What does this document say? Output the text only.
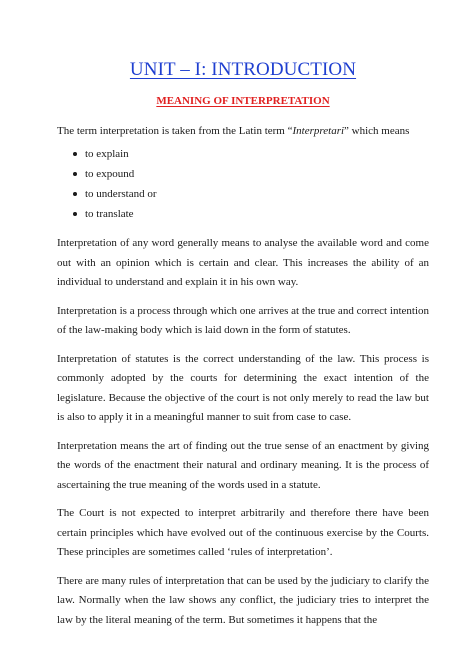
UNIT – I: INTRODUCTION
MEANING OF INTERPRETATION

The term interpretation is taken from the Latin term “Interpretari” which means

to explain
to expound
to understand or
to translate

Interpretation of any word generally means to analyse the available word and come out with an opinion which is certain and clear. This increases the ability of an individual to understand and explain it in his own way.

Interpretation is a process through which one arrives at the true and correct intention of the law-making body which is laid down in the form of statutes.

Interpretation of statutes is the correct understanding of the law. This process is commonly adopted by the courts for determining the exact intention of the legislature. Because the objective of the court is not only merely to read the law but is also to apply it in a meaningful manner to suit from case to case.

Interpretation means the art of finding out the true sense of an enactment by giving the words of the enactment their natural and ordinary meaning. It is the process of ascertaining the true meaning of the words used in a statute.

The Court is not expected to interpret arbitrarily and therefore there have been certain principles which have evolved out of the continuous exercise by the Courts. These principles are sometimes called ‘rules of interpretation’.

There are many rules of interpretation that can be used by the judiciary to clarify the law. Normally when the law shows any conflict, the judiciary tries to interpret the law by the literal meaning of the term. But sometimes it happens that the
